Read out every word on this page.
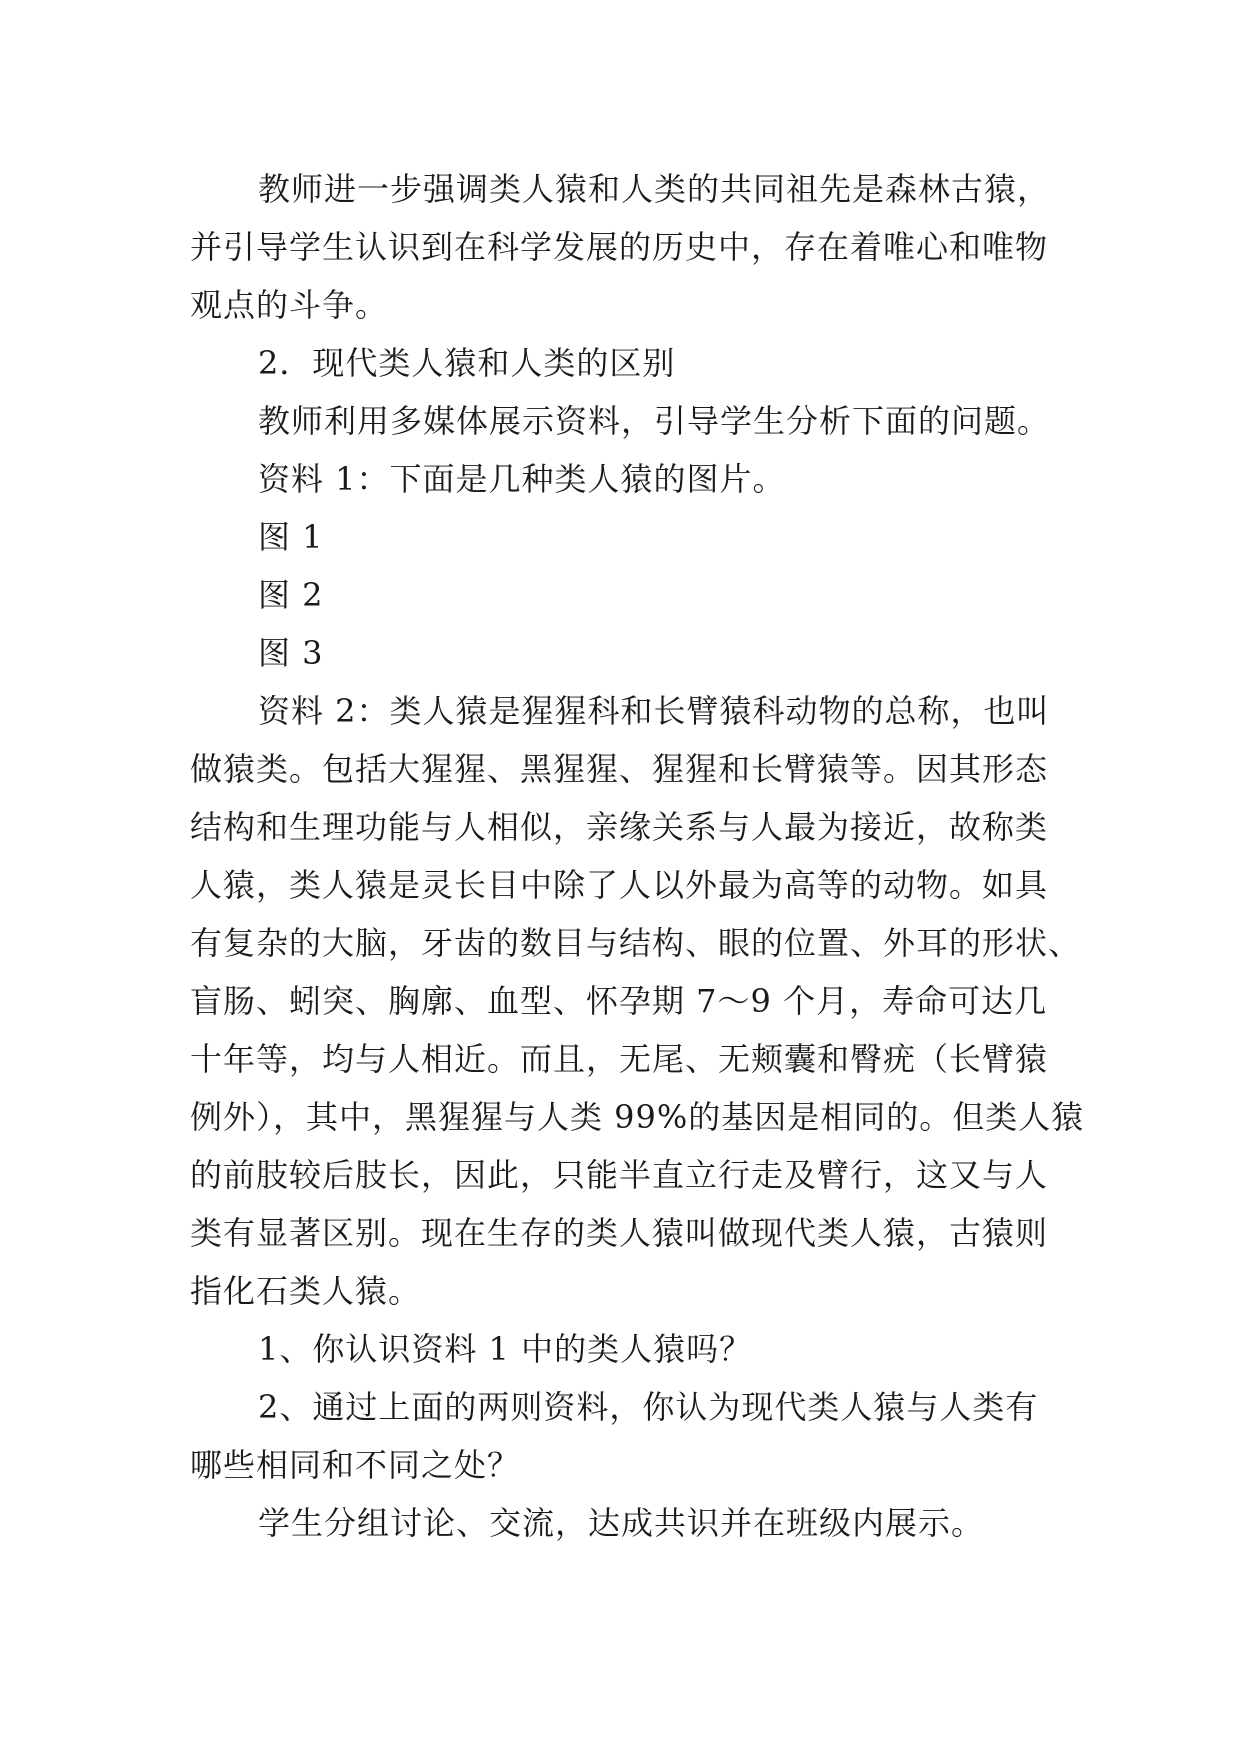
教师进一步强调类人猿和人类的共同祖先是森林古猿，
并引导学生认识到在科学发展的历史中，存在着唯心和唯物
观点的斗争。
2．现代类人猿和人类的区别
教师利用多媒体展示资料，引导学生分析下面的问题。
资料 1：下面是几种类人猿的图片。
图 1
图 2
图 3
资料 2：类人猿是猩猩科和长臂猿科动物的总称，也叫
做猿类。包括大猩猩、黑猩猩、猩猩和长臂猿等。因其形态
结构和生理功能与人相似，亲缘关系与人最为接近，故称类
人猿，类人猿是灵长目中除了人以外最为高等的动物。如具
有复杂的大脑，牙齿的数目与结构、眼的位置、外耳的形状、
盲肠、蚓突、胸廓、血型、怀孕期 7～9 个月，寿命可达几
十年等，均与人相近。而且，无尾、无颊囊和臀疣（长臂猿
例外），其中，黑猩猩与人类 99%的基因是相同的。但类人猿
的前肢较后肢长，因此，只能半直立行走及臂行，这又与人
类有显著区别。现在生存的类人猿叫做现代类人猿，古猿则
指化石类人猿。
1、你认识资料 1 中的类人猿吗？
2、通过上面的两则资料，你认为现代类人猿与人类有
哪些相同和不同之处？
学生分组讨论、交流，达成共识并在班级内展示。
